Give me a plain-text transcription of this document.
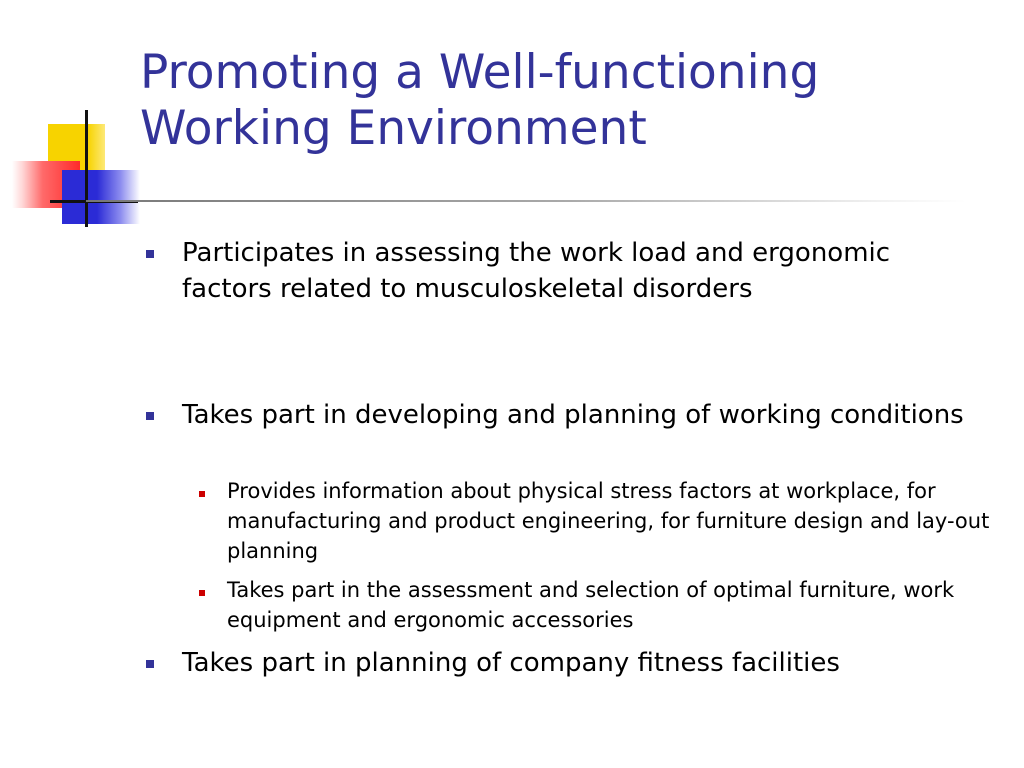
Promoting a Well-functioning
Working Environment

Participates in assessing the work load and ergonomic factors related to musculoskeletal disorders

Takes part in developing and planning of working conditions

Provides information about physical stress factors at workplace, for manufacturing and product engineering, for furniture design and lay-out planning

Takes part in the assessment and selection of optimal furniture, work equipment and ergonomic accessories

Takes part in planning of company fitness facilities
